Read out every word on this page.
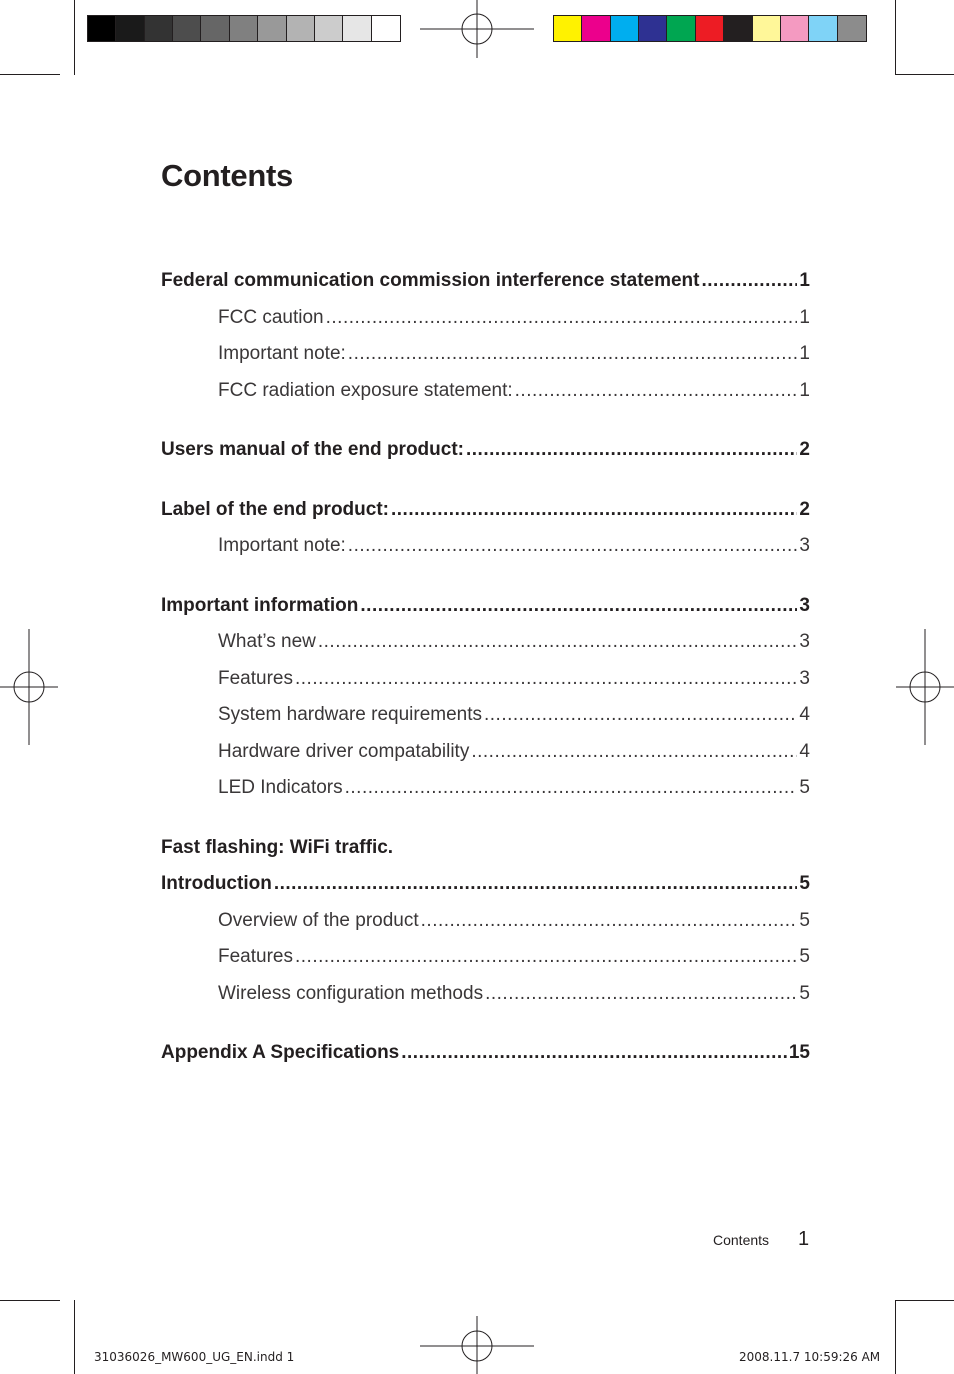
Contents
Federal communication commission interference statement .....	1
FCC caution .....	1
Important note: .....	1
FCC radiation exposure statement: .....	1
Users manual of the end product: .....	2
Label of the end product: .....	2
Important note: .....	3
Important information .....	3
What’s new .....	3
Features .....	3
System hardware requirements .....	4
Hardware driver compatability .....	4
LED Indicators .....	5
Fast flashing: WiFi traffic.
Introduction .....	5
Overview of the product .....	5
Features .....	5
Wireless configuration methods .....	5
Appendix A Specifications .....	15
Contents 1
31036026_MW600_UG_EN.indd 1	2008.11.7 10:59:26 AM
